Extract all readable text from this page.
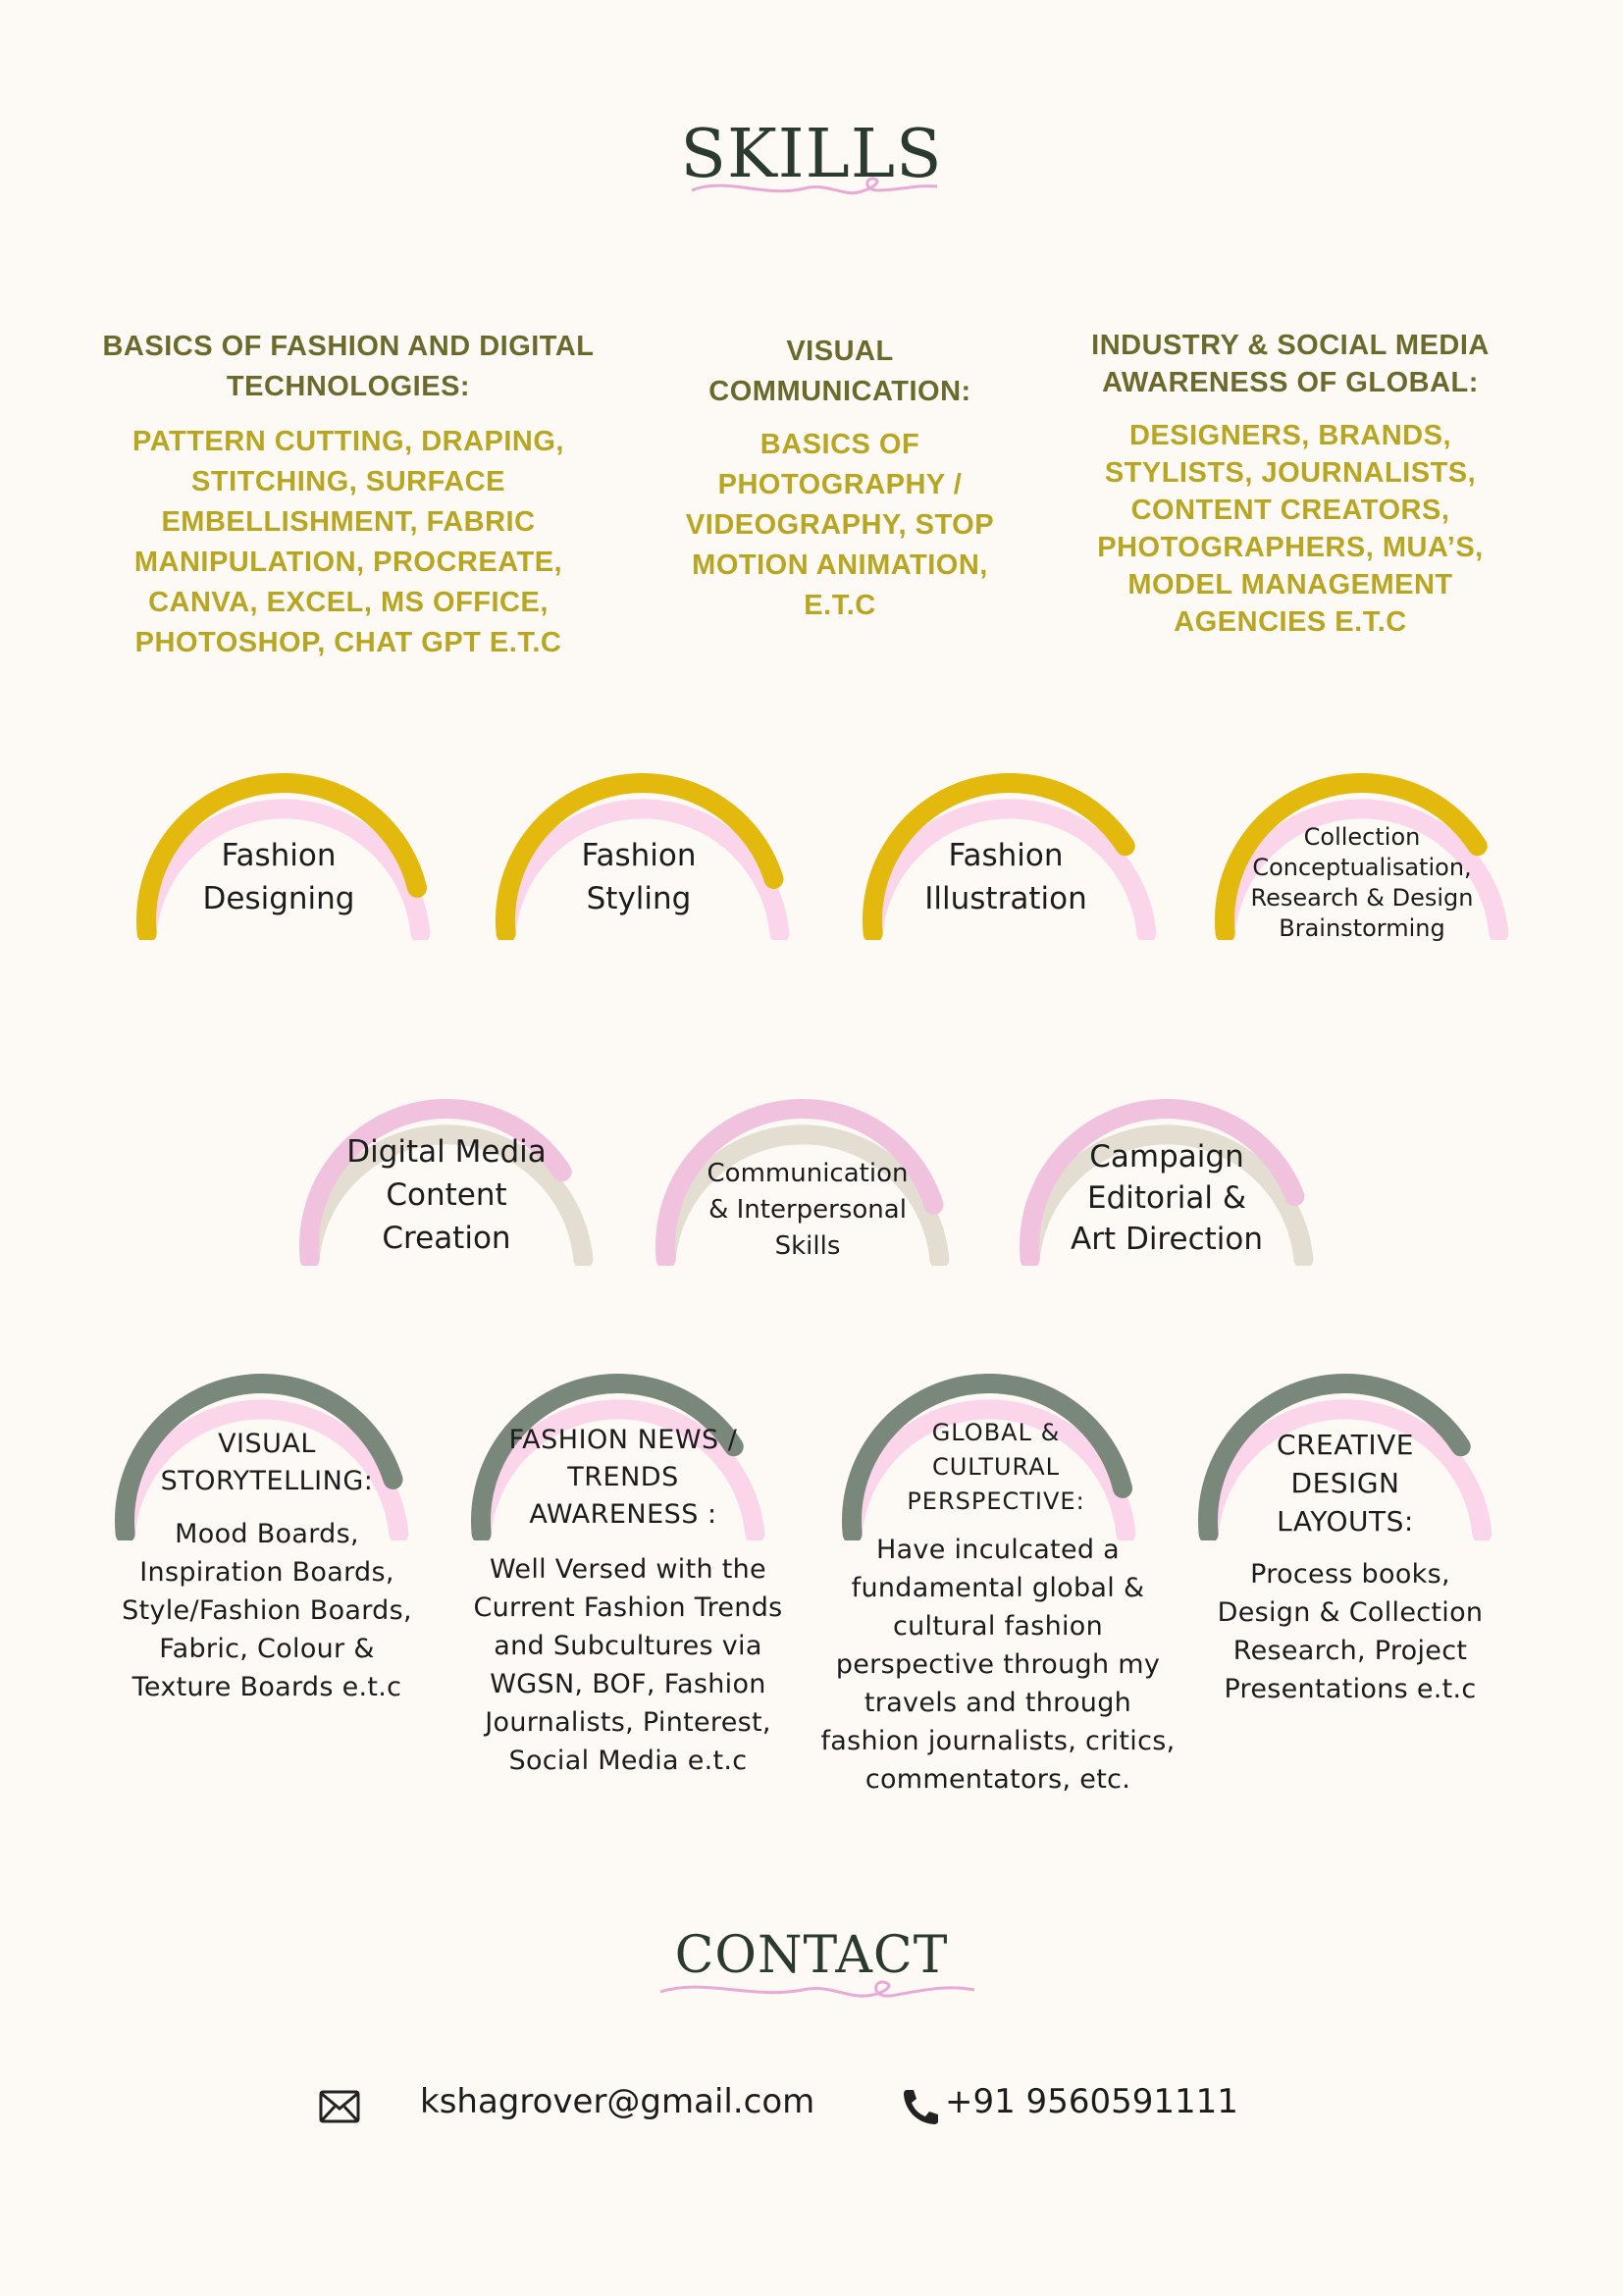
SKILLS
BASICS OF FASHION AND DIGITAL TECHNOLOGIES:
PATTERN CUTTING, DRAPING, STITCHING, SURFACE EMBELLISHMENT, FABRIC MANIPULATION, PROCREATE, CANVA, EXCEL, MS OFFICE, PHOTOSHOP, CHAT GPT E.T.C
VISUAL COMMUNICATION:
BASICS OF PHOTOGRAPHY / VIDEOGRAPHY, STOP MOTION ANIMATION, E.T.C
INDUSTRY & SOCIAL MEDIA AWARENESS OF GLOBAL:
DESIGNERS, BRANDS, STYLISTS, JOURNALISTS, CONTENT CREATORS, PHOTOGRAPHERS, MUA’S, MODEL MANAGEMENT AGENCIES E.T.C
Fashion Designing
Fashion Styling
Fashion Illustration
Collection Conceptualisation, Research & Design Brainstorming
Digital Media Content Creation
Communication & Interpersonal Skills
Campaign Editorial & Art Direction
VISUAL STORYTELLING:
Mood Boards, Inspiration Boards, Style/Fashion Boards, Fabric, Colour & Texture Boards e.t.c
FASHION NEWS / TRENDS AWARENESS :
Well Versed with the Current Fashion Trends and Subcultures via WGSN, BOF, Fashion Journalists, Pinterest, Social Media e.t.c
GLOBAL & CULTURAL PERSPECTIVE:
Have inculcated a fundamental global & cultural fashion perspective through my travels and through fashion journalists, critics, commentators, etc.
CREATIVE DESIGN LAYOUTS:
Process books, Design & Collection Research, Project Presentations e.t.c
CONTACT
kshagrover@gmail.com	+91 9560591111
